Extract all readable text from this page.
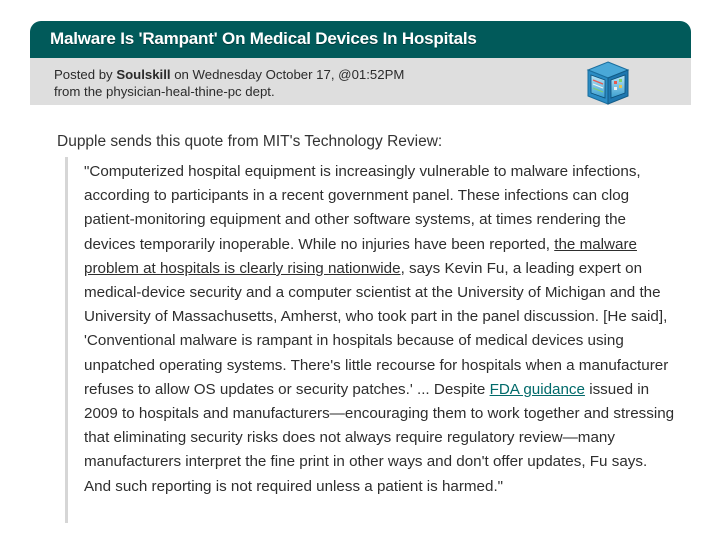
Malware Is 'Rampant' On Medical Devices In Hospitals
Posted by Soulskill on Wednesday October 17, @01:52PM
from the physician-heal-thine-pc dept.
Dupple sends this quote from MIT's Technology Review:
"Computerized hospital equipment is increasingly vulnerable to malware infections, according to participants in a recent government panel. These infections can clog patient-monitoring equipment and other software systems, at times rendering the devices temporarily inoperable. While no injuries have been reported, the malware problem at hospitals is clearly rising nationwide, says Kevin Fu, a leading expert on medical-device security and a computer scientist at the University of Michigan and the University of Massachusetts, Amherst, who took part in the panel discussion. [He said], 'Conventional malware is rampant in hospitals because of medical devices using unpatched operating systems. There's little recourse for hospitals when a manufacturer refuses to allow OS updates or security patches.' ... Despite FDA guidance issued in 2009 to hospitals and manufacturers—encouraging them to work together and stressing that eliminating security risks does not always require regulatory review—many manufacturers interpret the fine print in other ways and don't offer updates, Fu says. And such reporting is not required unless a patient is harmed."
